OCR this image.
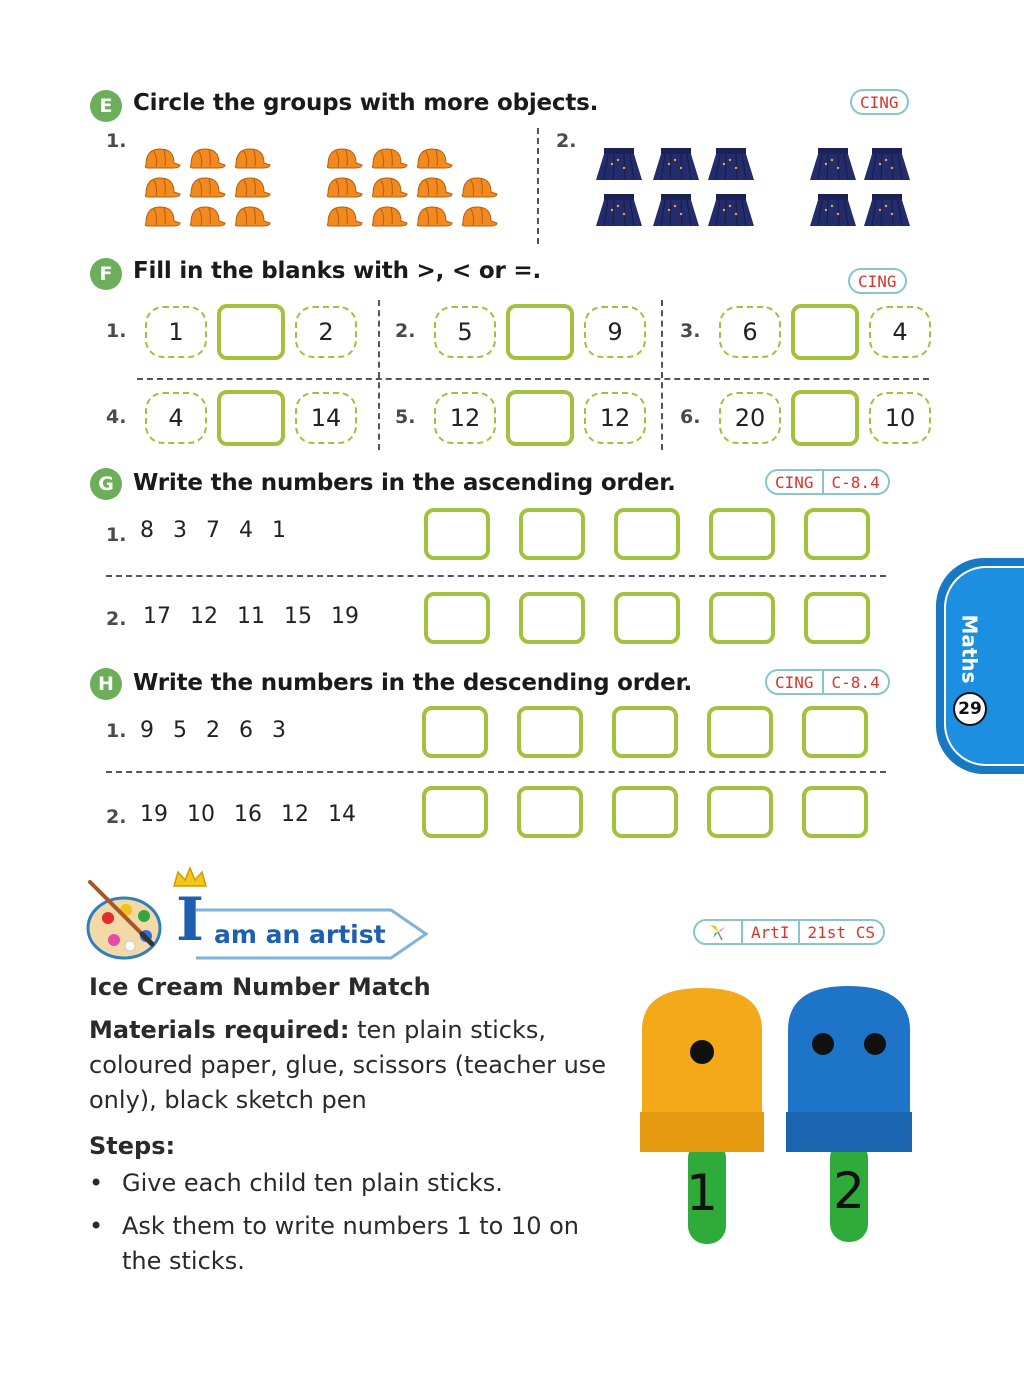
E Circle the groups with more objects.	CING
1.	2.
F Fill in the blanks with >, < or =.	CING
1.	1	2	2.	5	9	3.	6	4
4.	4	14	5.	12	12	6.	20	10
G Write the numbers in the ascending order.	CING	C-8.4
1. 8 3 7 4 1
2. 17 12 11 15 19
H Write the numbers in the descending order.	CING	C-8.4
1. 9 5 2 6 3
2. 19 10 16 12 14
I am an artist	ArtI	21st CS
Ice Cream Number Match
Materials required: ten plain sticks, coloured paper, glue, scissors (teacher use only), black sketch pen
Steps:
• Give each child ten plain sticks.
• Ask them to write numbers 1 to 10 on the sticks.
1 2
Maths
29
